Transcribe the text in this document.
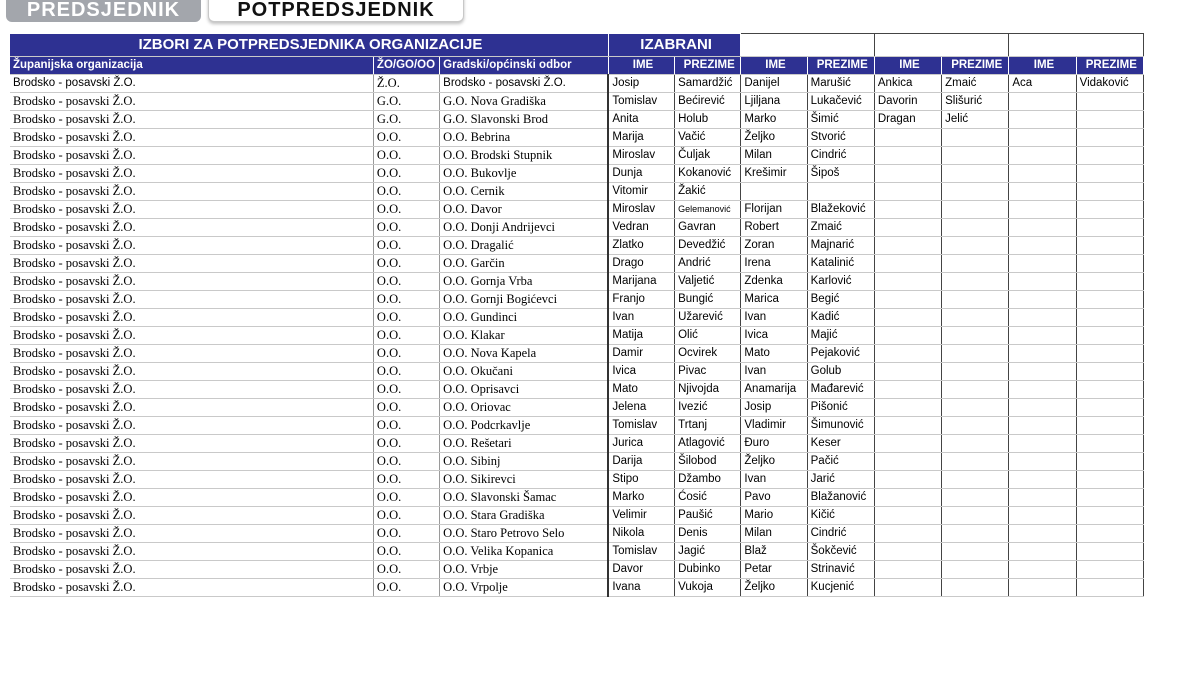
PREDSJEDNIK	POTPREDSJEDNIK
IZBORI ZA POTPREDSJEDNIKA ORGANIZACIJE			IZABRANI							
Županijska organizacija	ŽO/GO/OO	Gradski/općinski odbor	IME	PREZIME	IME	PREZIME	IME	PREZIME	IME	PREZIME
Brodsko - posavski Ž.O.	Ž.O.	Brodsko - posavski Ž.O.	Josip	Samardžić	Danijel	Marušić	Ankica	Zmaić	Aca	Vidaković
Brodsko - posavski Ž.O.	G.O.	G.O. Nova Gradiška	Tomislav	Bećirević	Ljiljana	Lukačević	Davorin	Slišurić		
Brodsko - posavski Ž.O.	G.O.	G.O. Slavonski Brod	Anita	Holub	Marko	Šimić	Dragan	Jelić		
Brodsko - posavski Ž.O.	O.O.	O.O. Bebrina	Marija	Vačić	Željko	Stvorić				
Brodsko - posavski Ž.O.	O.O.	O.O. Brodski Stupnik	Miroslav	Čuljak	Milan	Cindrić				
Brodsko - posavski Ž.O.	O.O.	O.O. Bukovlje	Dunja	Kokanović	Krešimir	Šipoš				
Brodsko - posavski Ž.O.	O.O.	O.O. Cernik	Vitomir	Žakić						
Brodsko - posavski Ž.O.	O.O.	O.O. Davor	Miroslav	Gelemanović	Florijan	Blažeković				
Brodsko - posavski Ž.O.	O.O.	O.O. Donji Andrijevci	Vedran	Gavran	Robert	Zmaić				
Brodsko - posavski Ž.O.	O.O.	O.O. Dragalić	Zlatko	Devedžić	Zoran	Majnarić				
Brodsko - posavski Ž.O.	O.O.	O.O. Garčin	Drago	Andrić	Irena	Katalinić				
Brodsko - posavski Ž.O.	O.O.	O.O. Gornja Vrba	Marijana	Valjetić	Zdenka	Karlović				
Brodsko - posavski Ž.O.	O.O.	O.O. Gornji Bogićevci	Franjo	Bungić	Marica	Begić				
Brodsko - posavski Ž.O.	O.O.	O.O. Gundinci	Ivan	Užarević	Ivan	Kadić				
Brodsko - posavski Ž.O.	O.O.	O.O. Klakar	Matija	Olić	Ivica	Majić				
Brodsko - posavski Ž.O.	O.O.	O.O. Nova Kapela	Damir	Ocvirek	Mato	Pejaković				
Brodsko - posavski Ž.O.	O.O.	O.O. Okučani	Ivica	Pivac	Ivan	Golub				
Brodsko - posavski Ž.O.	O.O.	O.O. Oprisavci	Mato	Njivojda	Anamarija	Mađarević				
Brodsko - posavski Ž.O.	O.O.	O.O. Oriovac	Jelena	Ivezić	Josip	Pišonić				
Brodsko - posavski Ž.O.	O.O.	O.O. Podcrkavlje	Tomislav	Trtanj	Vladimir	Šimunović				
Brodsko - posavski Ž.O.	O.O.	O.O. Rešetari	Jurica	Atlagović	Đuro	Keser				
Brodsko - posavski Ž.O.	O.O.	O.O. Sibinj	Darija	Šilobod	Željko	Pačić				
Brodsko - posavski Ž.O.	O.O.	O.O. Sikirevci	Stipo	Džambo	Ivan	Jarić				
Brodsko - posavski Ž.O.	O.O.	O.O. Slavonski Šamac	Marko	Ćosić	Pavo	Blažanović				
Brodsko - posavski Ž.O.	O.O.	O.O. Stara Gradiška	Velimir	Paušić	Mario	Kičić				
Brodsko - posavski Ž.O.	O.O.	O.O. Staro Petrovo Selo	Nikola	Denis	Milan	Cindrić				
Brodsko - posavski Ž.O.	O.O.	O.O. Velika Kopanica	Tomislav	Jagić	Blaž	Šokčević				
Brodsko - posavski Ž.O.	O.O.	O.O. Vrbje	Davor	Dubinko	Petar	Strinavić				
Brodsko - posavski Ž.O.	O.O.	O.O. Vrpolje	Ivana	Vukoja	Željko	Kucjenić				
